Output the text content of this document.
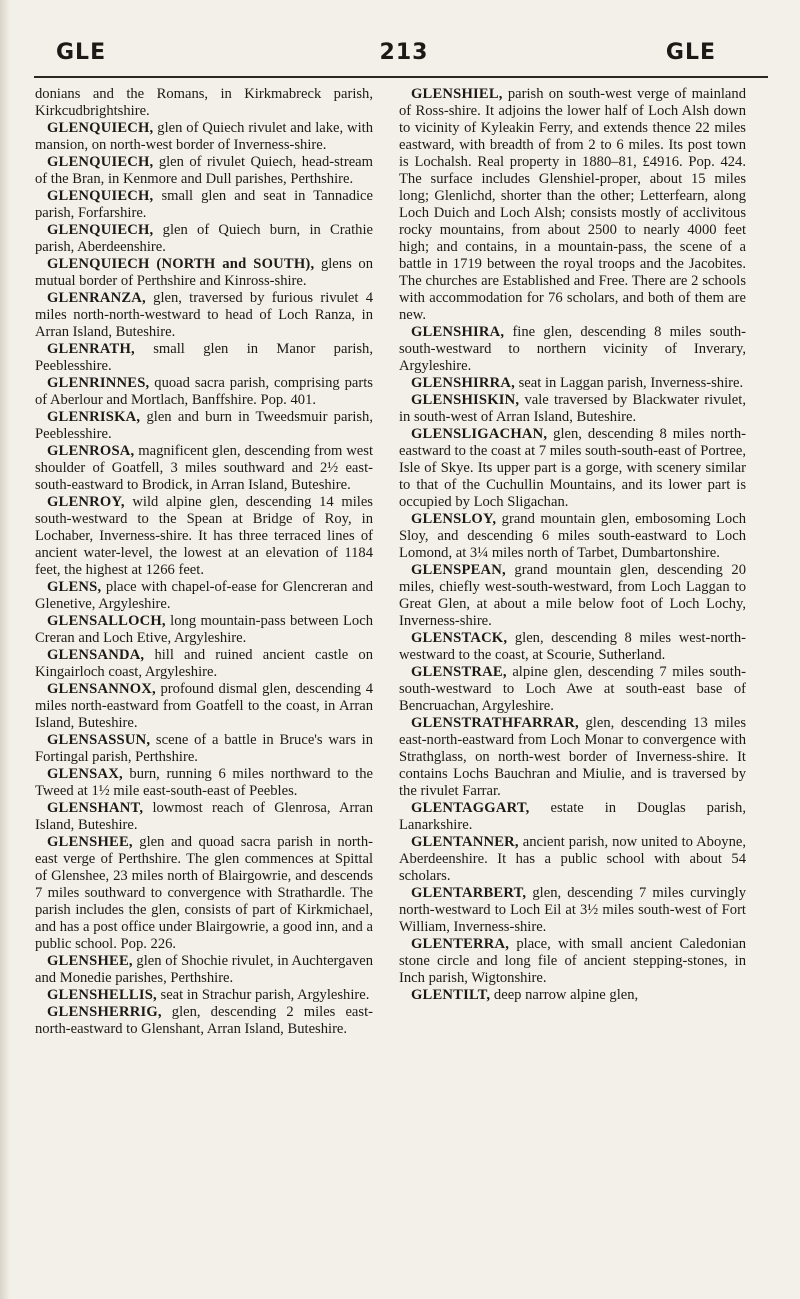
GLE	213	GLE

donians and the Romans, in Kirkmabreck parish, Kirkcudbrightshire.

GLENQUIECH, glen of Quiech rivulet and lake, with mansion, on north-west border of Inverness-shire.

GLENQUIECH, glen of rivulet Quiech, head-stream of the Bran, in Kenmore and Dull parishes, Perthshire.

GLENQUIECH, small glen and seat in Tannadice parish, Forfarshire.

GLENQUIECH, glen of Quiech burn, in Crathie parish, Aberdeenshire.

GLENQUIECH (NORTH and SOUTH), glens on mutual border of Perthshire and Kinross-shire.

GLENRANZA, glen, traversed by furious rivulet 4 miles north-north-westward to head of Loch Ranza, in Arran Island, Buteshire.

GLENRATH, small glen in Manor parish, Peeblesshire.

GLENRINNES, quoad sacra parish, comprising parts of Aberlour and Mortlach, Banffshire. Pop. 401.

GLENRISKA, glen and burn in Tweedsmuir parish, Peeblesshire.

GLENROSA, magnificent glen, descending from west shoulder of Goatfell, 3 miles southward and 2½ east-south-eastward to Brodick, in Arran Island, Buteshire.

GLENROY, wild alpine glen, descending 14 miles south-westward to the Spean at Bridge of Roy, in Lochaber, Inverness-shire. It has three terraced lines of ancient water-level, the lowest at an elevation of 1184 feet, the highest at 1266 feet.

GLENS, place with chapel-of-ease for Glencreran and Glenetive, Argyleshire.

GLENSALLOCH, long mountain-pass between Loch Creran and Loch Etive, Argyleshire.

GLENSANDA, hill and ruined ancient castle on Kingairloch coast, Argyleshire.

GLENSANNOX, profound dismal glen, descending 4 miles north-eastward from Goatfell to the coast, in Arran Island, Buteshire.

GLENSASSUN, scene of a battle in Bruce's wars in Fortingal parish, Perthshire.

GLENSAX, burn, running 6 miles northward to the Tweed at 1½ mile east-south-east of Peebles.

GLENSHANT, lowmost reach of Glenrosa, Arran Island, Buteshire.

GLENSHEE, glen and quoad sacra parish in north-east verge of Perthshire. The glen commences at Spittal of Glenshee, 23 miles north of Blairgowrie, and descends 7 miles southward to convergence with Strathardle. The parish includes the glen, consists of part of Kirkmichael, and has a post office under Blairgowrie, a good inn, and a public school. Pop. 226.

GLENSHEE, glen of Shochie rivulet, in Auchtergaven and Monedie parishes, Perthshire.

GLENSHELLIS, seat in Strachur parish, Argyleshire.

GLENSHERRIG, glen, descending 2 miles east-north-eastward to Glenshant, Arran Island, Buteshire.

GLENSHIEL, parish on south-west verge of mainland of Ross-shire. It adjoins the lower half of Loch Alsh down to vicinity of Kyleakin Ferry, and extends thence 22 miles eastward, with breadth of from 2 to 6 miles. Its post town is Lochalsh. Real property in 1880–81, £4916. Pop. 424. The surface includes Glenshiel-proper, about 15 miles long; Glenlichd, shorter than the other; Letterfearn, along Loch Duich and Loch Alsh; consists mostly of acclivitous rocky mountains, from about 2500 to nearly 4000 feet high; and contains, in a mountain-pass, the scene of a battle in 1719 between the royal troops and the Jacobites. The churches are Established and Free. There are 2 schools with accommodation for 76 scholars, and both of them are new.

GLENSHIRA, fine glen, descending 8 miles south-south-westward to northern vicinity of Inverary, Argyleshire.

GLENSHIRRA, seat in Laggan parish, Inverness-shire.

GLENSHISKIN, vale traversed by Blackwater rivulet, in south-west of Arran Island, Buteshire.

GLENSLIGACHAN, glen, descending 8 miles north-eastward to the coast at 7 miles south-south-east of Portree, Isle of Skye. Its upper part is a gorge, with scenery similar to that of the Cuchullin Mountains, and its lower part is occupied by Loch Sligachan.

GLENSLOY, grand mountain glen, embosoming Loch Sloy, and descending 6 miles south-eastward to Loch Lomond, at 3¼ miles north of Tarbet, Dumbartonshire.

GLENSPEAN, grand mountain glen, descending 20 miles, chiefly west-south-westward, from Loch Laggan to Great Glen, at about a mile below foot of Loch Lochy, Inverness-shire.

GLENSTACK, glen, descending 8 miles west-north-westward to the coast, at Scourie, Sutherland.

GLENSTRAE, alpine glen, descending 7 miles south-south-westward to Loch Awe at south-east base of Bencruachan, Argyleshire.

GLENSTRATHFARRAR, glen, descending 13 miles east-north-eastward from Loch Monar to convergence with Strathglass, on north-west border of Inverness-shire. It contains Lochs Bauchran and Miulie, and is traversed by the rivulet Farrar.

GLENTAGGART, estate in Douglas parish, Lanarkshire.

GLENTANNER, ancient parish, now united to Aboyne, Aberdeenshire. It has a public school with about 54 scholars.

GLENTARBERT, glen, descending 7 miles curvingly north-westward to Loch Eil at 3½ miles south-west of Fort William, Inverness-shire.

GLENTERRA, place, with small ancient Caledonian stone circle and long file of ancient stepping-stones, in Inch parish, Wigtonshire.

GLENTILT, deep narrow alpine glen,
